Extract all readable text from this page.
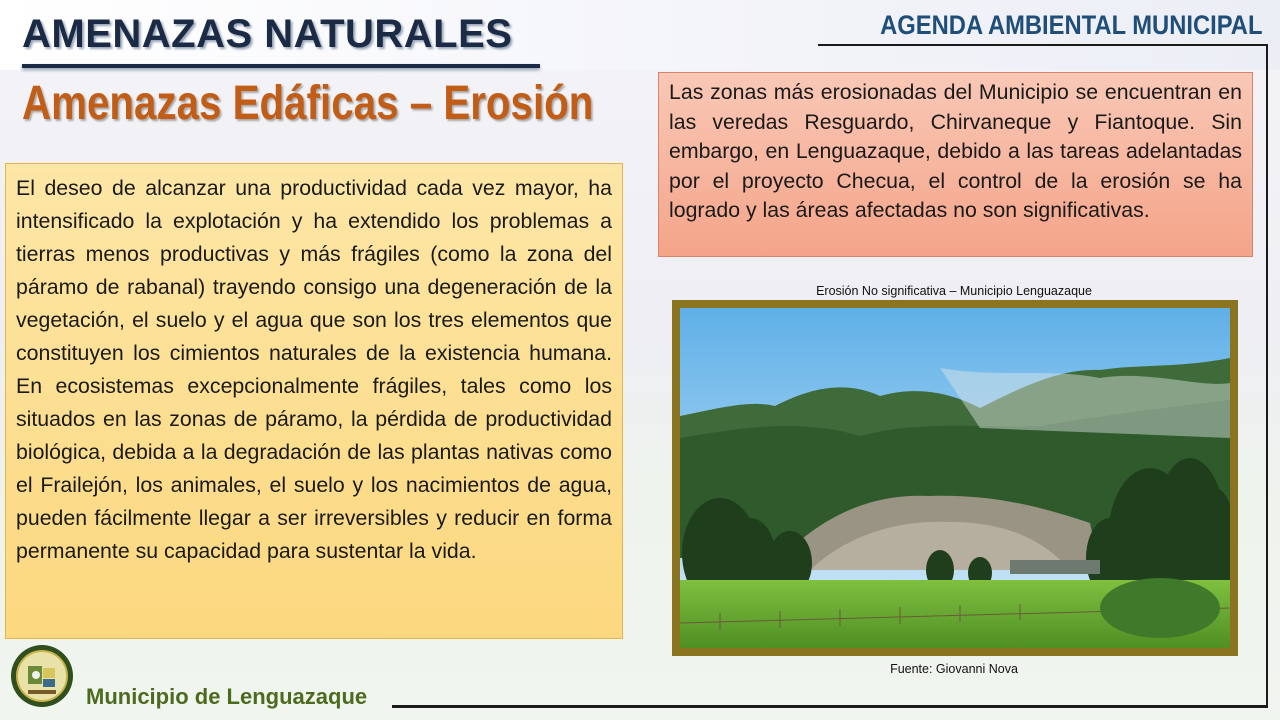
AMENAZAS NATURALES
Amenazas Edáficas – Erosión
AGENDA AMBIENTAL MUNICIPAL
El deseo de alcanzar una productividad cada vez mayor, ha intensificado la explotación y ha extendido los problemas a tierras menos productivas y más frágiles (como la zona del páramo de rabanal) trayendo consigo una degeneración de la vegetación, el suelo y el agua que son los tres elementos que constituyen los cimientos naturales de la existencia humana. En ecosistemas excepcionalmente frágiles, tales como los situados en las zonas de páramo, la pérdida de productividad biológica, debida a la degradación de las plantas nativas como el Frailejón, los animales, el suelo y los nacimientos de agua, pueden fácilmente llegar a ser irreversibles y reducir en forma permanente su capacidad para sustentar la vida.
Las zonas más erosionadas del Municipio se encuentran en las veredas Resguardo, Chirvaneque y Fiantoque. Sin embargo, en Lenguazaque, debido a las tareas adelantadas por el proyecto Checua, el control de la erosión se ha logrado y las áreas afectadas no son significativas.
Erosión No significativa – Municipio Lenguazaque
Fuente: Giovanni Nova
Municipio de Lenguazaque
